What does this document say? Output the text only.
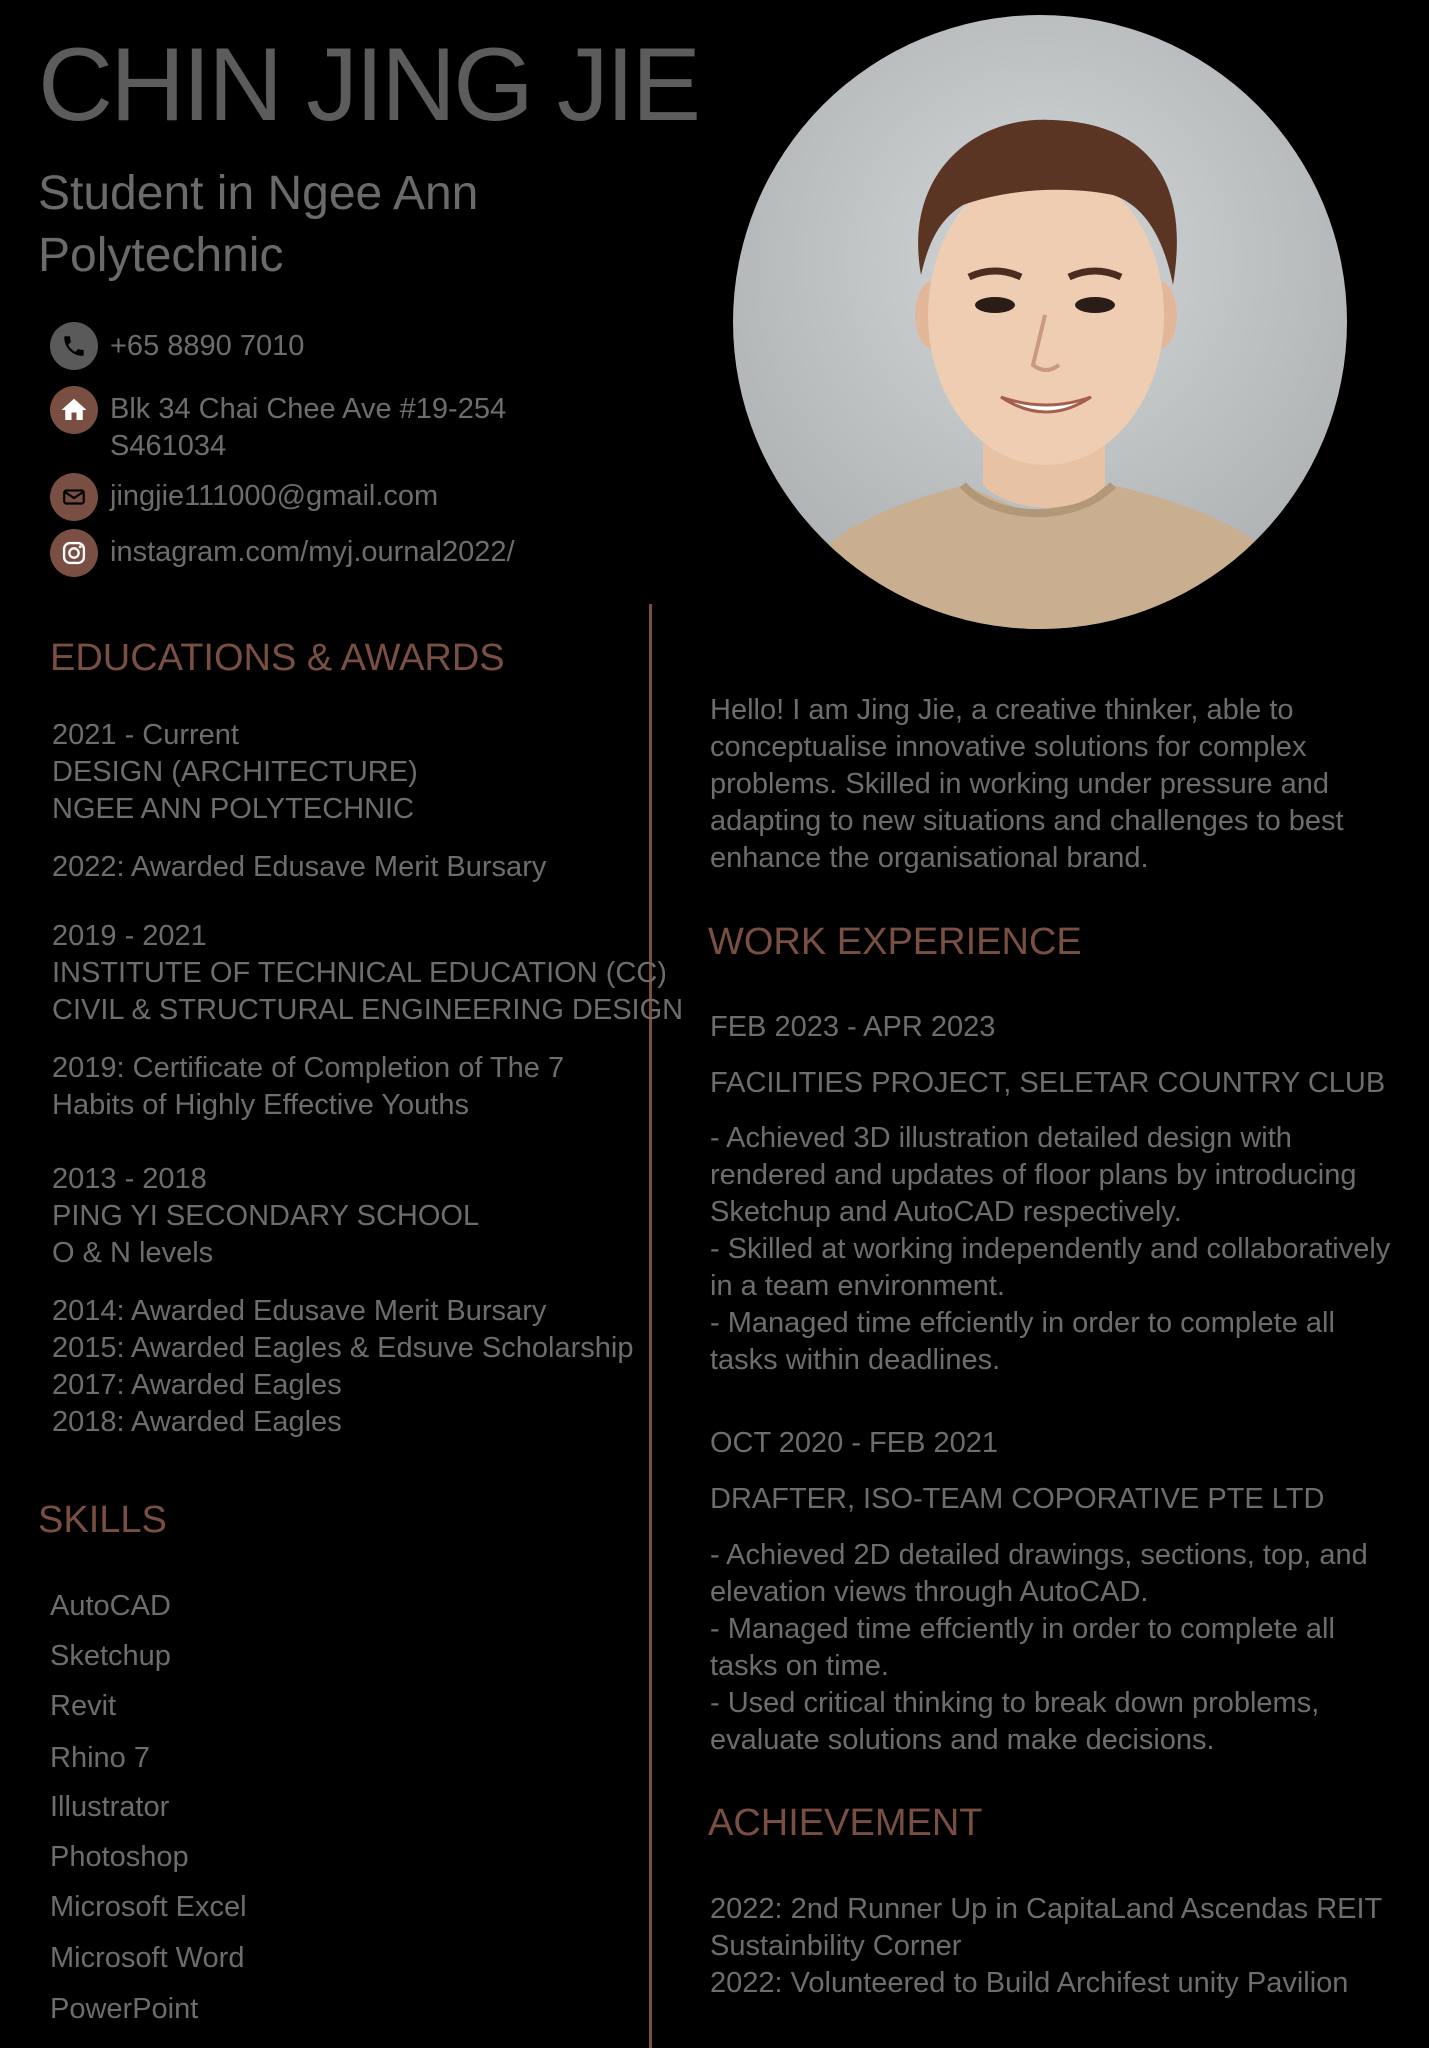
CHIN JING JIE
Student in Ngee Ann
Polytechnic
+65 8890 7010
Blk 34 Chai Chee Ave #19-254
S461034
jingjie111000@gmail.com
instagram.com/myj.ournal2022/
EDUCATIONS & AWARDS
2021 - Current
DESIGN (ARCHITECTURE)
NGEE ANN POLYTECHNIC
2022: Awarded Edusave Merit Bursary
2019 - 2021
INSTITUTE OF TECHNICAL EDUCATION (CC)
CIVIL & STRUCTURAL ENGINEERING DESIGN
2019: Certificate of Completion of The 7
Habits of Highly Effective Youths
2013 - 2018
PING YI SECONDARY SCHOOL
O & N levels
2014: Awarded Edusave Merit Bursary
2015: Awarded Eagles & Edsuve Scholarship
2017: Awarded Eagles
2018: Awarded Eagles
SKILLS
AutoCAD
Sketchup
Revit
Rhino 7
Illustrator
Photoshop
Microsoft Excel
Microsoft Word
PowerPoint
Hello! I am Jing Jie, a creative thinker, able to
conceptualise innovative solutions for complex
problems. Skilled in working under pressure and
adapting to new situations and challenges to best
enhance the organisational brand.
WORK EXPERIENCE
FEB 2023 - APR 2023
FACILITIES PROJECT, SELETAR COUNTRY CLUB
- Achieved 3D illustration detailed design with
rendered and updates of floor plans by introducing
Sketchup and AutoCAD respectively.
- Skilled at working independently and collaboratively
in a team environment.
- Managed time effciently in order to complete all
tasks within deadlines.
OCT 2020 - FEB 2021
DRAFTER, ISO-TEAM COPORATIVE PTE LTD
- Achieved 2D detailed drawings, sections, top, and
elevation views through AutoCAD.
- Managed time effciently in order to complete all
tasks on time.
- Used critical thinking to break down problems,
evaluate solutions and make decisions.
ACHIEVEMENT
2022: 2nd Runner Up in CapitaLand Ascendas REIT
Sustainbility Corner
2022: Volunteered to Build Archifest unity Pavilion
